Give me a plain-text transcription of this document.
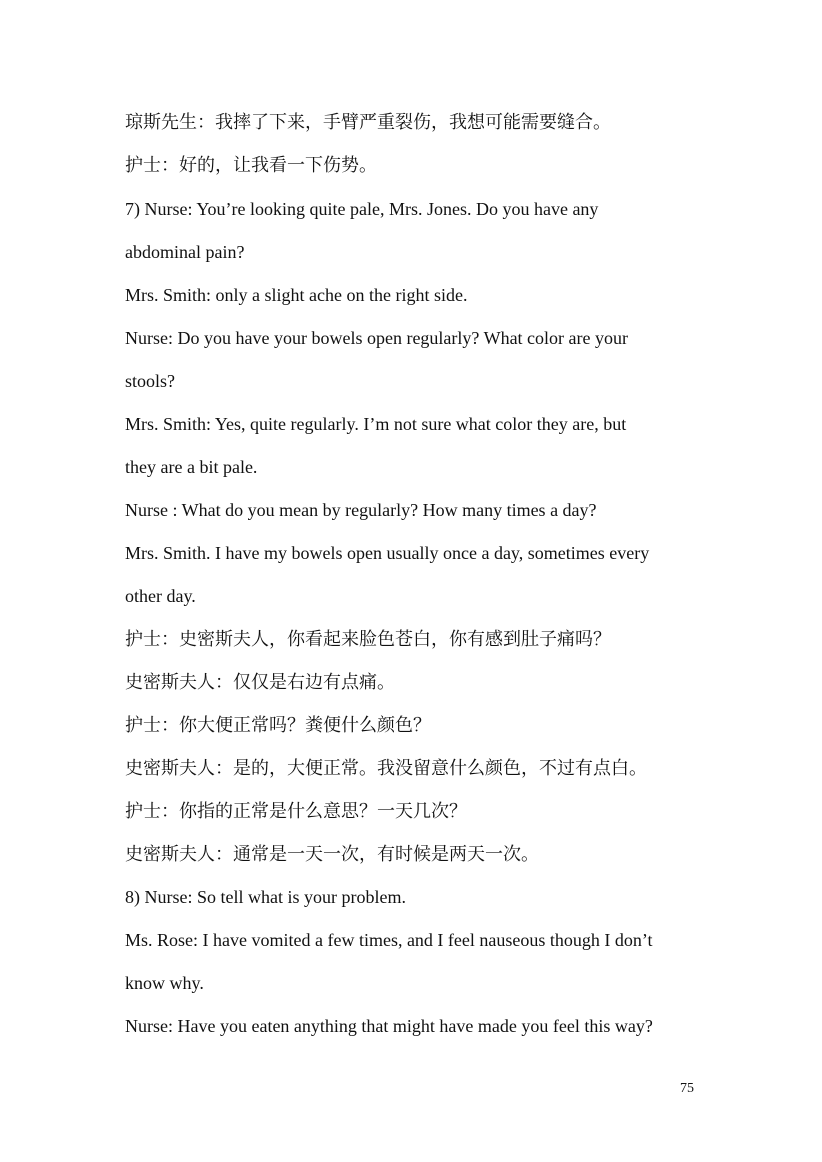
琼斯先生：我摔了下来，手臂严重裂伤，我想可能需要缝合。
护士：好的，让我看一下伤势。
7) Nurse: You’re looking quite pale, Mrs. Jones. Do you have any
abdominal pain?
Mrs. Smith: only a slight ache on the right side.
Nurse: Do you have your bowels open regularly? What color are your
stools?
Mrs. Smith: Yes, quite regularly. I’m not sure what color they are, but
they are a bit pale.
Nurse : What do you mean by regularly? How many times a day?
Mrs. Smith. I have my bowels open usually once a day, sometimes every
other day.
护士：史密斯夫人，你看起来脸色苍白，你有感到肚子痛吗？
史密斯夫人：仅仅是右边有点痛。
护士：你大便正常吗？粪便什么颜色？
史密斯夫人：是的，大便正常。我没留意什么颜色，不过有点白。
护士：你指的正常是什么意思？一天几次？
史密斯夫人：通常是一天一次，有时候是两天一次。
8) Nurse: So tell what is your problem.
Ms. Rose: I have vomited a few times, and I feel nauseous though I don’t
know why.
Nurse: Have you eaten anything that might have made you feel this way?
75
